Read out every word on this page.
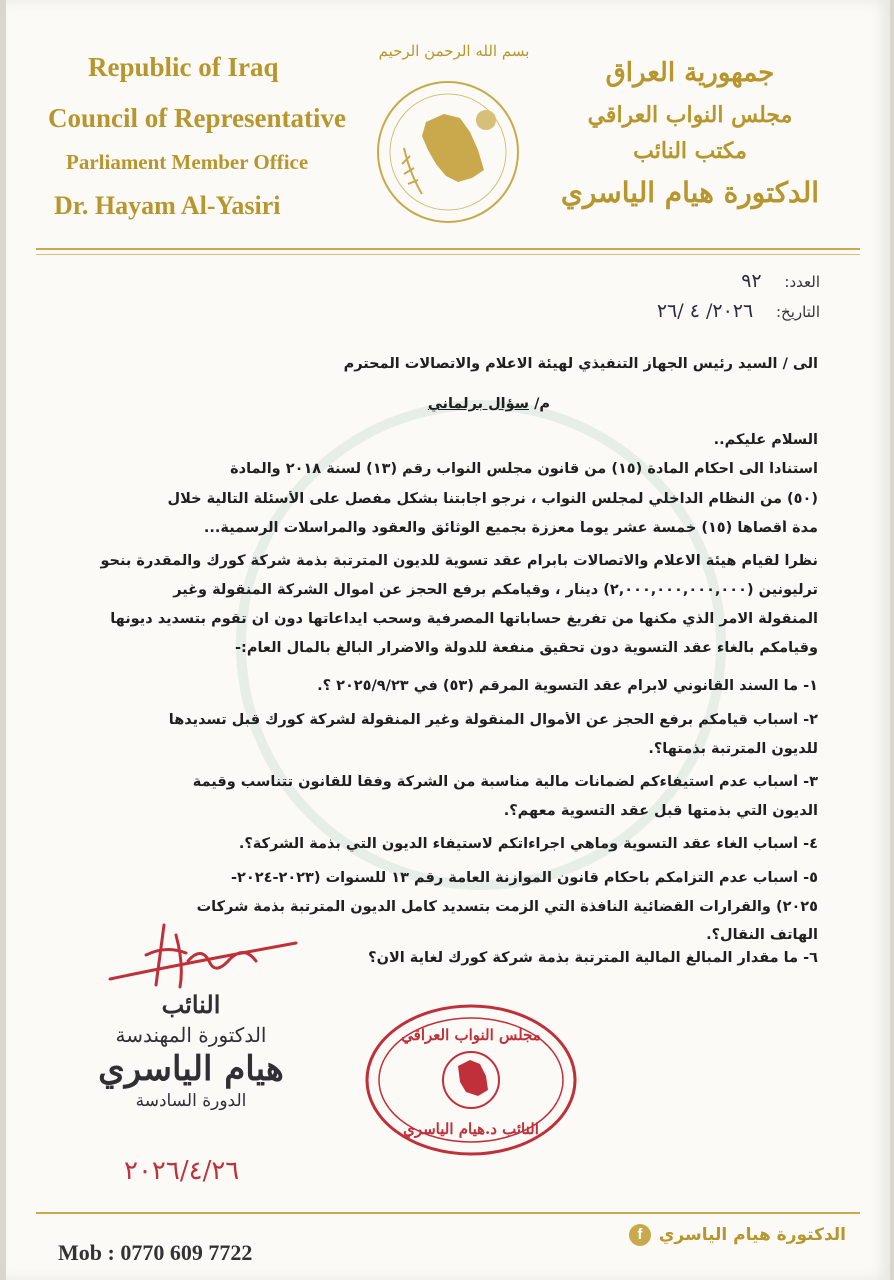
Republic of Iraq
Council of Representative
Parliament Member Office
Dr. Hayam Al-Yasiri
بسم الله الرحمن الرحيم
جمهورية العراق
مجلس النواب العراقي
مكتب النائب
الدكتورة هيام الياسري
العدد: ٩٢
التاريخ: ٢٠٢٦/ ٤ /٢٦
الى / السيد رئيس الجهاز التنفيذي لهيئة الاعلام والاتصالات المحترم
م/ سؤال برلماني
السلام عليكم..
استناداً الى احكام المادة (١٥) من قانون مجلس النواب رقم (١٣) لسنة ٢٠١٨ والمادة
(٥٠) من النظام الداخلي لمجلس النواب ، نرجو اجابتنا بشكل مفصل على الأسئلة التالية خلال
مدة أقصاها (١٥) خمسة عشر يوماً معززة بجميع الوثائق والعقود والمراسلات الرسمية...
نظراً لقيام هيئة الاعلام والاتصالات بابرام عقد تسوية للديون المترتبة بذمة شركة كورك والمقدرة بنحو
ترليونين (٢,٠٠٠,٠٠٠,٠٠٠,٠٠٠) دينار ، وقيامكم برفع الحجز عن أموال الشركة المنقولة وغير
المنقولة الامر الذي مكنها من تفريغ حساباتها المصرفية وسحب ايداعاتها دون ان تقوم بتسديد ديونها
وقيامكم بالغاء عقد التسوية دون تحقيق منفعة للدولة والاضرار البالغ بالمال العام:-
١- ما السند القانوني لابرام عقد التسوية المرقم (٥٣) في ٢٠٢٥/٩/٢٣ ؟.
٢- أسباب قيامكم برفع الحجز عن الأموال المنقولة وغير المنقولة لشركة كورك قبل تسديدها
للديون المترتبة بذمتها؟.
٣- أسباب عدم استيفاءكم لضمانات مالية مناسبة من الشركة وفقاً للقانون تتناسب وقيمة
الديون التي بذمتها قبل عقد التسوية معهم؟.
٤- أسباب الغاء عقد التسوية وماهي اجراءاتكم لاستيفاء الديون التي بذمة الشركة؟.
٥- أسباب عدم التزامكم باحكام قانون الموازنة العامة رقم ١٣ للسنوات (٢٠٢٣-٢٠٢٤-
٢٠٢٥) والقرارات القضائية النافذة التي الزمت بتسديد كامل الديون المترتبة بذمة شركات
الهاتف النقال؟.
٦- ما مقدار المبالغ المالية المترتبة بذمة شركة كورك لغاية الان؟
النائب
الدكتورة المهندسة
هيام الياسري
الدورة السادسة
٢٠٢٦/٤/٢٦
مجلس النواب العراقي
النائب د.هيام الياسري
Mob : 0770 609 7722
الدكتورة هيام الياسري
f
